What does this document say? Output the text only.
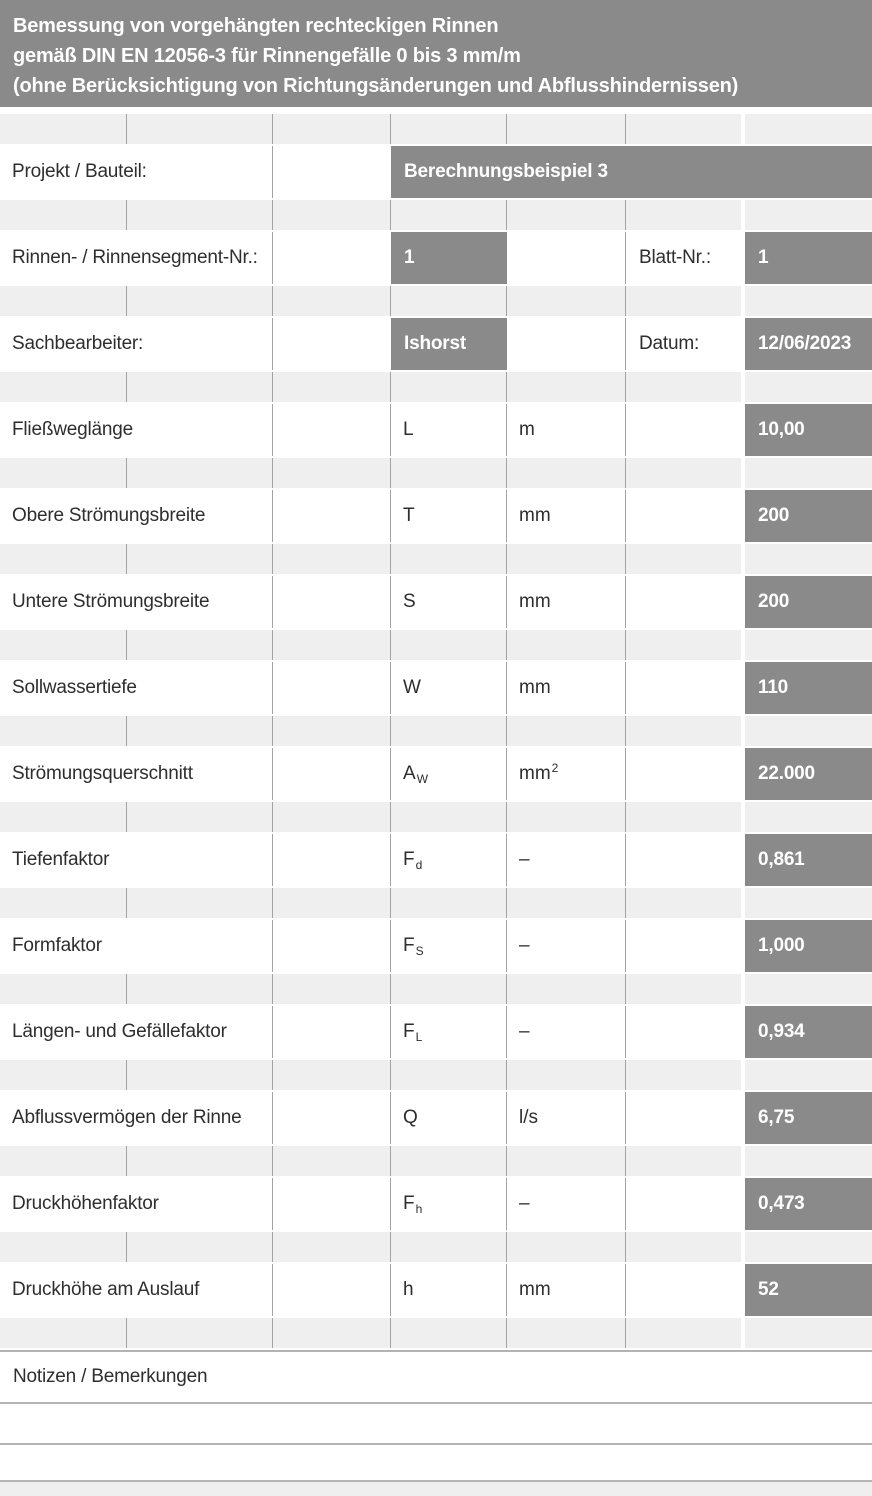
Bemessung von vorgehängten rechteckigen Rinnen
gemäß DIN EN 12056-3 für Rinnengefälle 0 bis 3 mm/m
(ohne Berücksichtigung von Richtungsänderungen und Abflusshindernissen)
Projekt / Bauteil:	Berechnungsbeispiel 3
Rinnen- / Rinnensegment-Nr.:	1	Blatt-Nr.:	1
Sachbearbeiter:	Ishorst	Datum:	12/06/2023
Fließweglänge	L	m	10,00
Obere Strömungsbreite	T	mm	200
Untere Strömungsbreite	S	mm	200
Sollwassertiefe	W	mm	110
Strömungsquerschnitt	A W	mm 2	22.000
Tiefenfaktor	F d	–	0,861
Formfaktor	F S	–	1,000
Längen- und Gefällefaktor	F L	–	0,934
Abflussvermögen der Rinne	Q	l/s	6,75
Druckhöhenfaktor	F h	–	0,473
Druckhöhe am Auslauf	h	mm	52
Notizen / Bemerkungen
